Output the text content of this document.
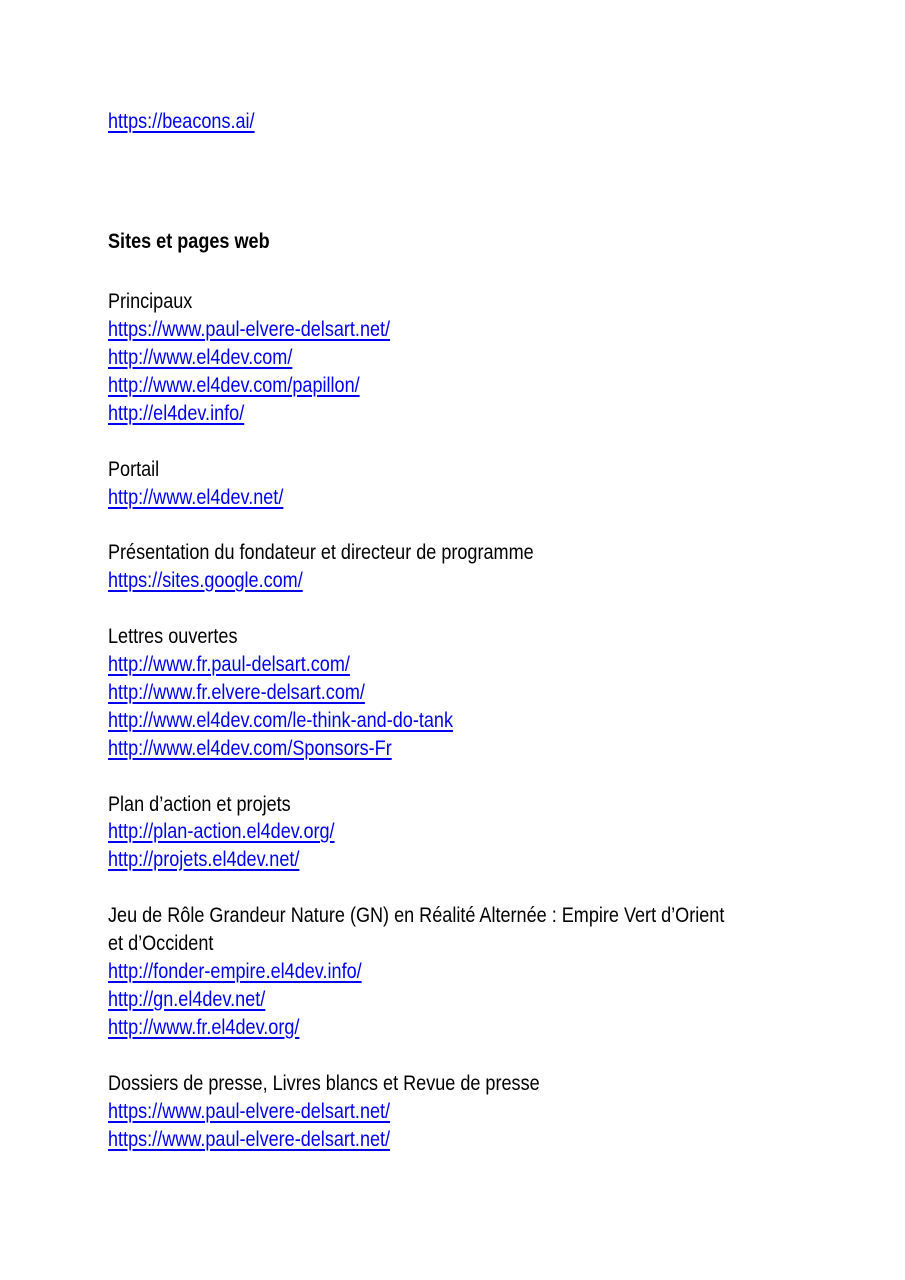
https://beacons.ai/
Sites et pages web
Principaux
https://www.paul-elvere-delsart.net/
http://www.el4dev.com/
http://www.el4dev.com/papillon/
http://el4dev.info/
Portail
http://www.el4dev.net/
Présentation du fondateur et directeur de programme
https://sites.google.com/
Lettres ouvertes
http://www.fr.paul-delsart.com/
http://www.fr.elvere-delsart.com/
http://www.el4dev.com/le-think-and-do-tank
http://www.el4dev.com/Sponsors-Fr
Plan d’action et projets
http://plan-action.el4dev.org/
http://projets.el4dev.net/
Jeu de Rôle Grandeur Nature (GN) en Réalité Alternée : Empire Vert d’Orient
et d’Occident
http://fonder-empire.el4dev.info/
http://gn.el4dev.net/
http://www.fr.el4dev.org/
Dossiers de presse, Livres blancs et Revue de presse
https://www.paul-elvere-delsart.net/
https://www.paul-elvere-delsart.net/
